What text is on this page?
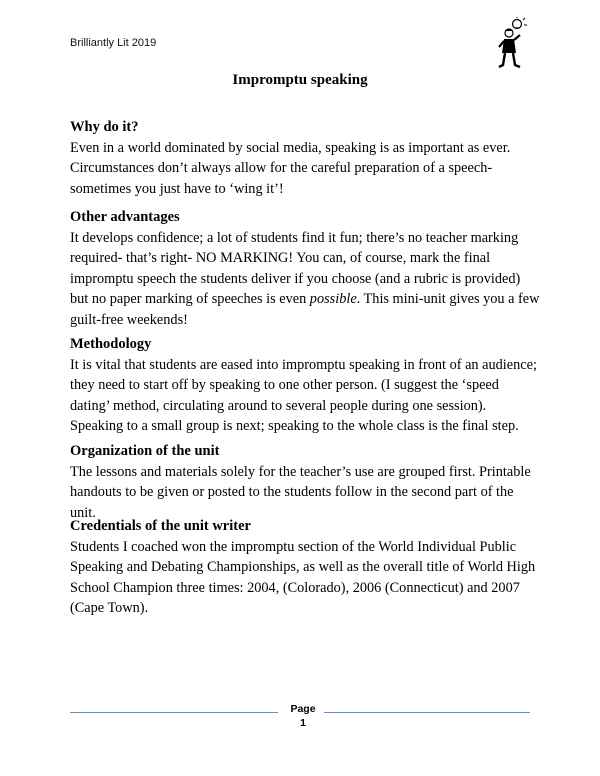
Brilliantly Lit 2019
Impromptu speaking
Why do it?

Even in a world dominated by social media, speaking is as important as ever. Circumstances don’t always allow for the careful preparation of a speech- sometimes you just have to ‘wing it’!

Other advantages

It develops confidence; a lot of students find it fun; there’s no teacher marking required- that’s right- NO MARKING! You can, of course, mark the final impromptu speech the students deliver if you choose (and a rubric is provided) but no paper marking of speeches is even possible. This mini-unit gives you a few guilt-free weekends!

Methodology

It is vital that students are eased into impromptu speaking in front of an audience; they need to start off by speaking to one other person. (I suggest the ‘speed dating’ method, circulating around to several people during one session). Speaking to a small group is next; speaking to the whole class is the final step.

Organization of the unit

The lessons and materials solely for the teacher’s use are grouped first. Printable handouts to be given or posted to the students follow in the second part of the unit.

Credentials of the unit writer

Students I coached won the impromptu section of the World Individual Public Speaking and Debating Championships, as well as the overall title of World High School Champion three times: 2004, (Colorado), 2006 (Connecticut) and 2007 (Cape Town).

Page
1
